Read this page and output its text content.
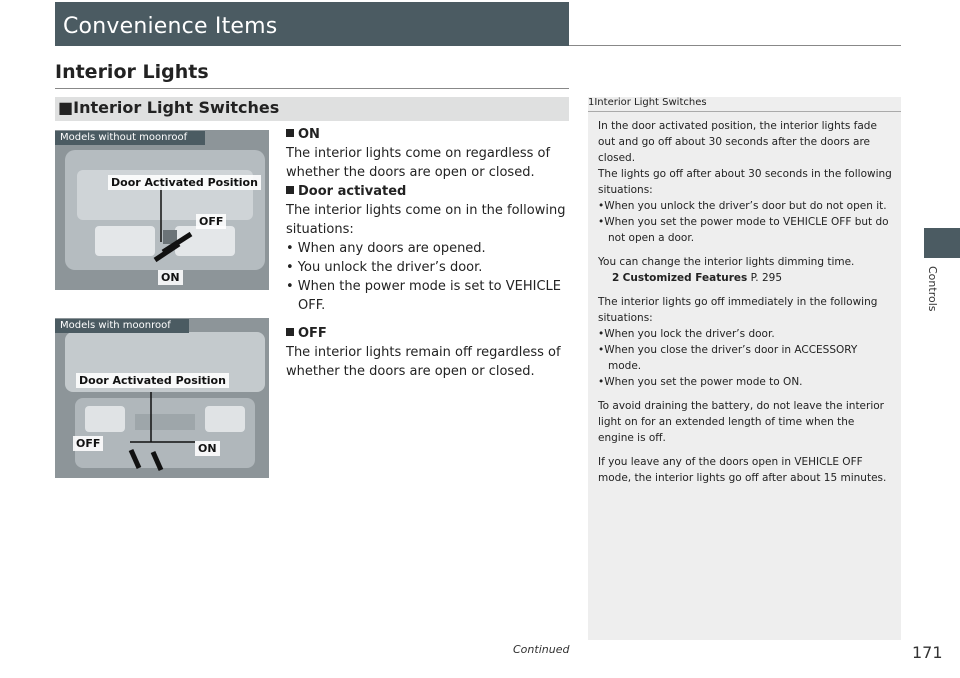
Convenience Items
Interior Lights
■Interior Light Switches
Controls
Models without moonroof
Door Activated Position
OFF
ON
Models with moonroof
Door Activated Position
OFF	ON

ON

The interior lights come on regardless of whether the doors are open or closed.

Door activated

The interior lights come on in the following situations:

• When any doors are opened.

• You unlock the driver’s door.

• When the power mode is set to VEHICLE OFF.

OFF

The interior lights remain off regardless of whether the doors are open or closed.

1Interior Light Switches

In the door activated position, the interior lights fade out and go off about 30 seconds after the doors are closed.

The lights go off after about 30 seconds in the following situations:

•When you unlock the driver’s door but do not open it.

•When you set the power mode to VEHICLE OFF but do not open a door.

You can change the interior lights dimming time.

2 Customized Features P. 295

The interior lights go off immediately in the following situations:

•When you lock the driver’s door.

•When you close the driver’s door in ACCESSORY mode.

•When you set the power mode to ON.

To avoid draining the battery, do not leave the interior light on for an extended length of time when the engine is off.

If you leave any of the doors open in VEHICLE OFF mode, the interior lights go off after about 15 minutes.

Continued	171
